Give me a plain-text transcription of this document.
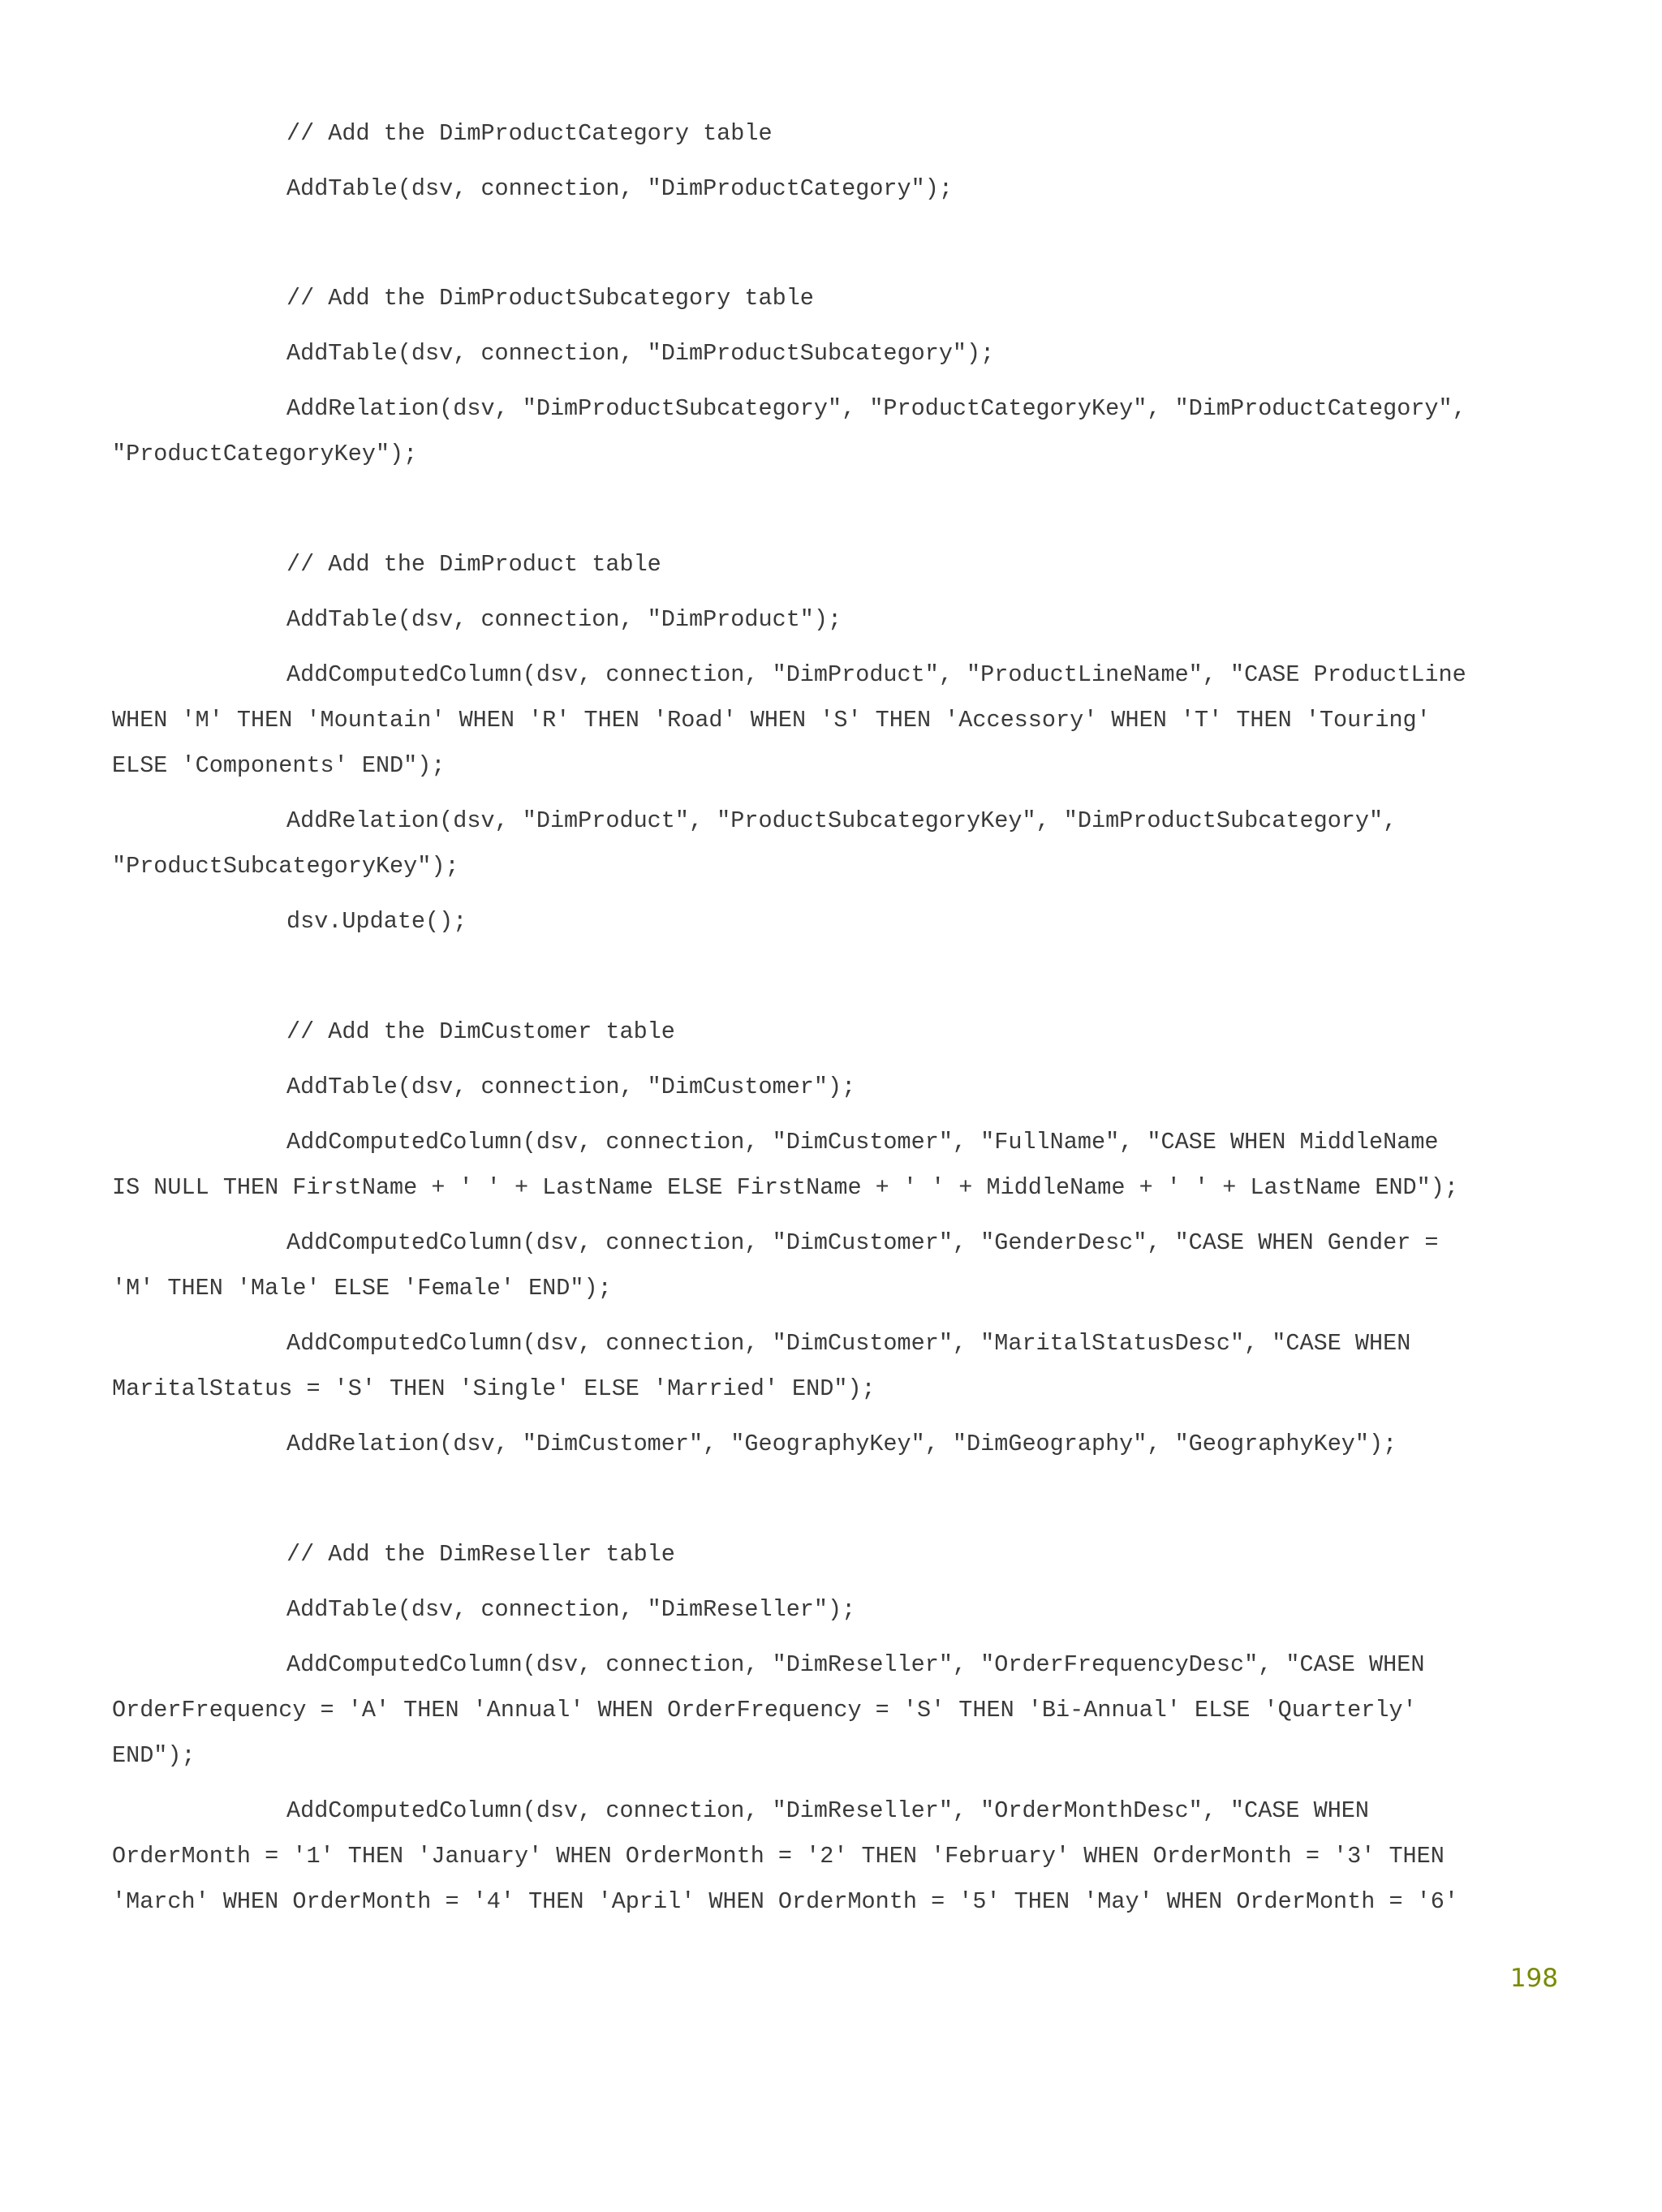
// Add the DimProductCategory table
AddTable(dsv, connection, "DimProductCategory");
// Add the DimProductSubcategory table
AddTable(dsv, connection, "DimProductSubcategory");
AddRelation(dsv, "DimProductSubcategory", "ProductCategoryKey", "DimProductCategory",
"ProductCategoryKey");
// Add the DimProduct table
AddTable(dsv, connection, "DimProduct");
AddComputedColumn(dsv, connection, "DimProduct", "ProductLineName", "CASE ProductLine
WHEN 'M' THEN 'Mountain' WHEN 'R' THEN 'Road' WHEN 'S' THEN 'Accessory' WHEN 'T' THEN 'Touring'
ELSE 'Components' END");
AddRelation(dsv, "DimProduct", "ProductSubcategoryKey", "DimProductSubcategory",
"ProductSubcategoryKey");
dsv.Update();
// Add the DimCustomer table
AddTable(dsv, connection, "DimCustomer");
AddComputedColumn(dsv, connection, "DimCustomer", "FullName", "CASE WHEN MiddleName
IS NULL THEN FirstName + ' ' + LastName ELSE FirstName + ' ' + MiddleName + ' ' + LastName END");
AddComputedColumn(dsv, connection, "DimCustomer", "GenderDesc", "CASE WHEN Gender =
'M' THEN 'Male' ELSE 'Female' END");
AddComputedColumn(dsv, connection, "DimCustomer", "MaritalStatusDesc", "CASE WHEN
MaritalStatus = 'S' THEN 'Single' ELSE 'Married' END");
AddRelation(dsv, "DimCustomer", "GeographyKey", "DimGeography", "GeographyKey");
// Add the DimReseller table
AddTable(dsv, connection, "DimReseller");
AddComputedColumn(dsv, connection, "DimReseller", "OrderFrequencyDesc", "CASE WHEN
OrderFrequency = 'A' THEN 'Annual' WHEN OrderFrequency = 'S' THEN 'Bi-Annual' ELSE 'Quarterly'
END");
AddComputedColumn(dsv, connection, "DimReseller", "OrderMonthDesc", "CASE WHEN
OrderMonth = '1' THEN 'January' WHEN OrderMonth = '2' THEN 'February' WHEN OrderMonth = '3' THEN
'March' WHEN OrderMonth = '4' THEN 'April' WHEN OrderMonth = '5' THEN 'May' WHEN OrderMonth = '6'
198
